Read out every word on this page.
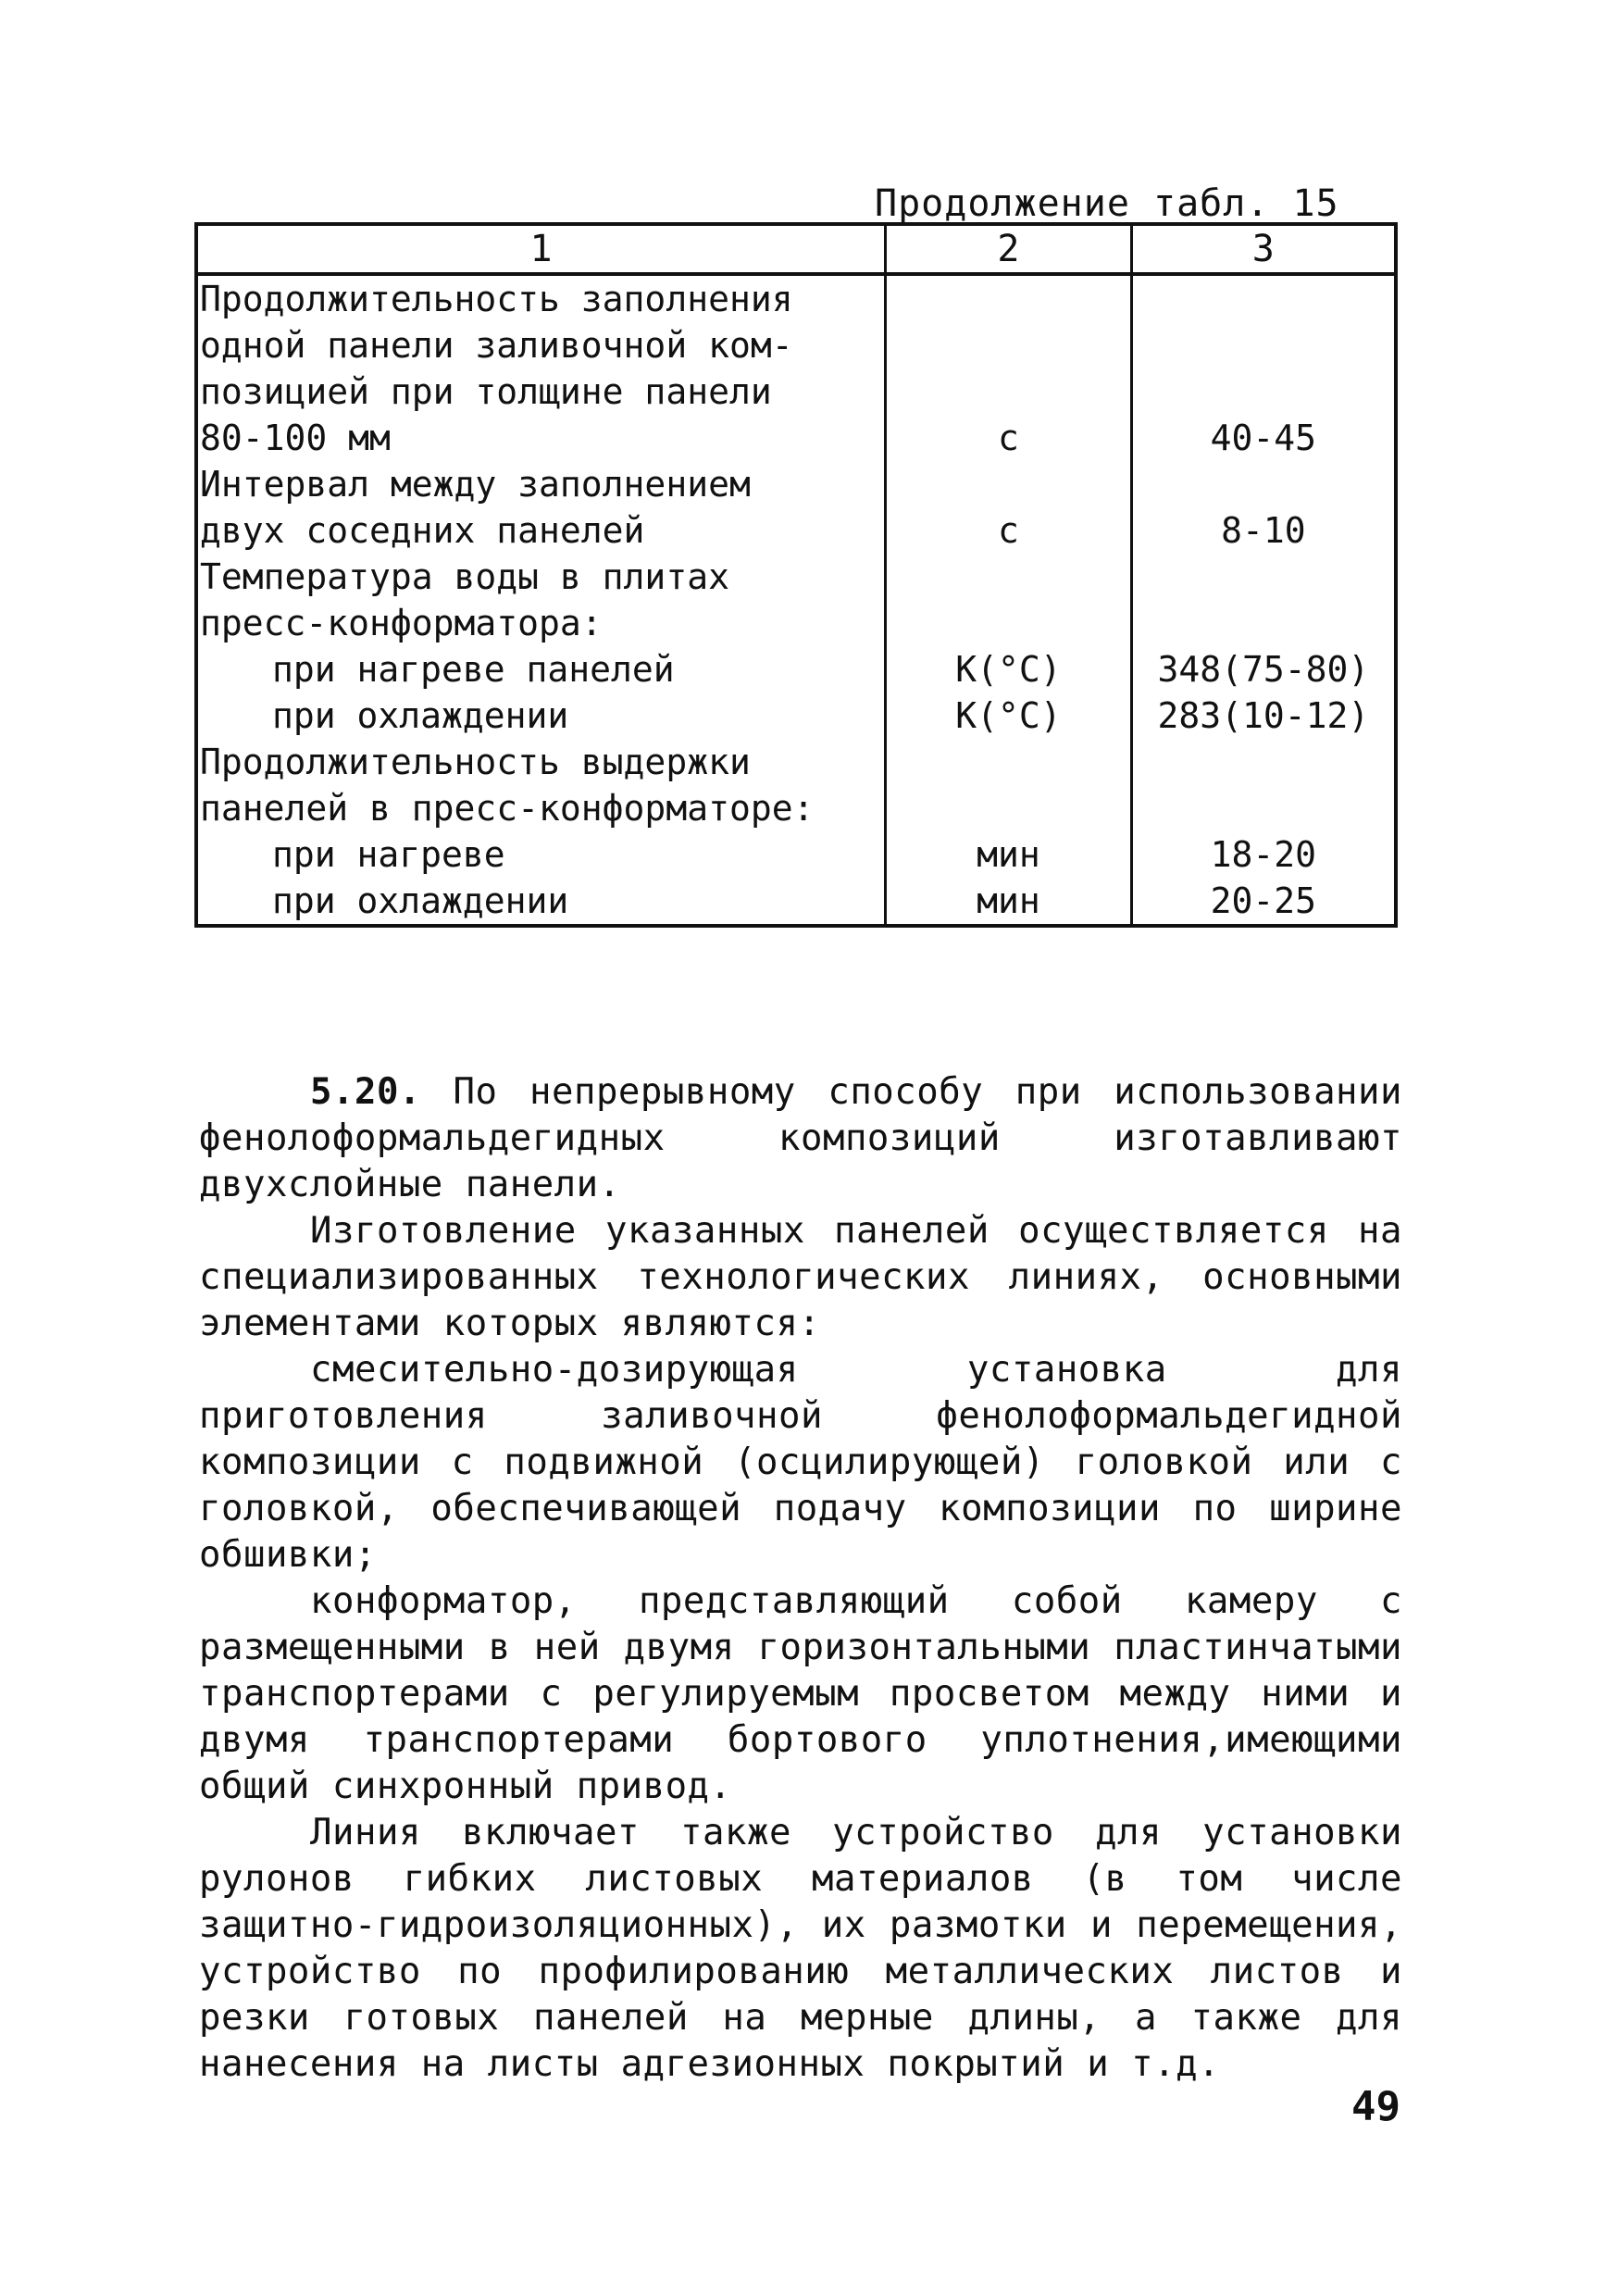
Продолжение табл. 15
1	2	3

Продолжительность заполнения
одной панели заливочной ком-
позицией при толщине панели
80-100 мм	с	40-45

Интервал между заполнением
двух соседних панелей	с	8-10

Температура воды в плитах
пресс-конформатора:		

при нагреве панелей	К(°С)	348(75-80)

при охлаждении	К(°С)	283(10-12)

Продолжительность выдержки
панелей в пресс-конформаторе:		

при нагреве	мин	18-20

при охлаждении	мин	20-25

5.20. По непрерывному способу при использовании фенолоформальдегидных композиций изготавливают двухслойные панели.

Изготовление указанных панелей осуществляется на специализированных технологических линиях, основными элементами которых являются:

смесительно-дозирующая установка для приготовления заливочной фенолоформальдегидной композиции с подвижной (осцилирующей) головкой или с головкой, обеспечивающей подачу композиции по ширине обшивки;

конформатор, представляющий собой камеру с размещенными в ней двумя горизонтальными пластинчатыми транспортерами с регулируемым просветом между ними и двумя транспортерами бортового уплотнения,имеющими общий синхронный привод.

Линия включает также устройство для установки рулонов гибких листовых материалов (в том числе защитно-гидроизоляционных), их размотки и перемещения, устройство по профилированию металлических листов и резки готовых панелей на мерные длины, а также для нанесения на листы адгезионных покрытий и т.д.

49
